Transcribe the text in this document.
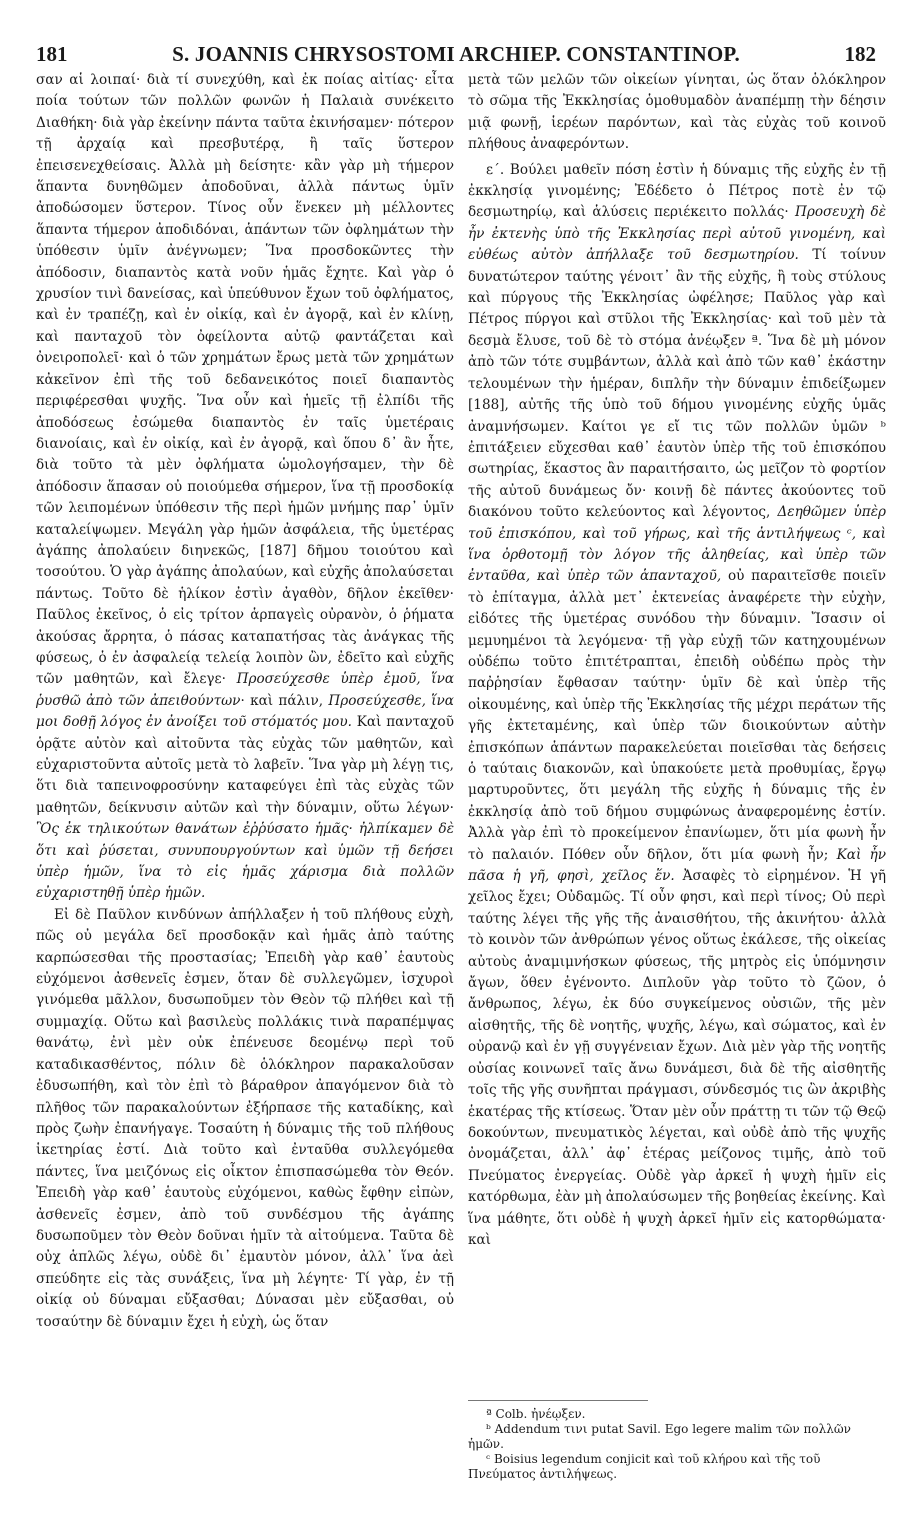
181	S. JOANNIS CHRYSOSTOMI ARCHIEP. CONSTANTINOP.	182

σαν αἱ λοιπαί· διὰ τί συνεχύθη, καὶ ἐκ ποίας αἰτίας· εἶτα ποία τούτων τῶν πολλῶν φωνῶν ἡ Παλαιὰ συνέκειτο Διαθήκη· διὰ γὰρ ἐκείνην πάντα ταῦτα ἐκινήσαμεν· πότερον τῇ ἀρχαίᾳ καὶ πρεσβυτέρᾳ, ἢ ταῖς ὕστερον ἐπεισενεχθείσαις. Ἀλλὰ μὴ δείσητε· κἂν γὰρ μὴ τήμερον ἅπαντα δυνηθῶμεν ἀποδοῦναι, ἀλλὰ πάντως ὑμῖν ἀποδώσομεν ὕστερον. Τίνος οὖν ἕνεκεν μὴ μέλλοντες ἅπαντα τήμερον ἀποδιδόναι, ἁπάντων τῶν ὀφλημάτων τὴν ὑπόθεσιν ὑμῖν ἀνέγνωμεν; Ἵνα προσδοκῶντες τὴν ἀπόδοσιν, διαπαντὸς κατὰ νοῦν ἡμᾶς ἔχητε. Καὶ γὰρ ὁ χρυσίον τινὶ δανείσας, καὶ ὑπεύθυνον ἔχων τοῦ ὀφλήματος, καὶ ἐν τραπέζῃ, καὶ ἐν οἰκίᾳ, καὶ ἐν ἀγορᾷ, καὶ ἐν κλίνῃ, καὶ πανταχοῦ τὸν ὀφείλοντα αὐτῷ φαντάζεται καὶ ὀνειροπολεῖ· καὶ ὁ τῶν χρημάτων ἔρως μετὰ τῶν χρημάτων κἀκεῖνον ἐπὶ τῆς τοῦ δεδανεικότος ποιεῖ διαπαντὸς περιφέρεσθαι ψυχῆς. Ἵνα οὖν καὶ ἡμεῖς τῇ ἐλπίδι τῆς ἀποδόσεως ἐσώμεθα διαπαντὸς ἐν ταῖς ὑμετέραις διανοίαις, καὶ ἐν οἰκίᾳ, καὶ ἐν ἀγορᾷ, καὶ ὅπου δ᾽ ἂν ἦτε, διὰ τοῦτο τὰ μὲν ὀφλήματα ὡμολογήσαμεν, τὴν δὲ ἀπόδοσιν ἅπασαν οὐ ποιούμεθα σήμερον, ἵνα τῇ προσδοκίᾳ τῶν λειπομένων ὑπόθεσιν τῆς περὶ ἡμῶν μνήμης παρ᾽ ὑμῖν καταλείψωμεν. Μεγάλη γὰρ ἡμῶν ἀσφάλεια, τῆς ὑμετέρας ἀγάπης ἀπολαύειν διηνεκῶς, [187] δῆμου τοιούτου καὶ τοσούτου. Ὁ γὰρ ἀγάπης ἀπολαύων, καὶ εὐχῆς ἀπολαύσεται πάντως. Τοῦτο δὲ ἡλίκον ἐστὶν ἀγαθὸν, δῆλον ἐκεῖθεν· Παῦλος ἐκεῖνος, ὁ εἰς τρίτον ἁρπαγεὶς οὐρανὸν, ὁ ῥήματα ἀκούσας ἄρρητα, ὁ πάσας καταπατήσας τὰς ἀνάγκας τῆς φύσεως, ὁ ἐν ἀσφαλείᾳ τελείᾳ λοιπὸν ὢν, ἐδεῖτο καὶ εὐχῆς τῶν μαθητῶν, καὶ ἔλεγε· Προσεύχεσθε ὑπὲρ ἐμοῦ, ἵνα ῥυσθῶ ἀπὸ τῶν ἀπειθούντων· καὶ πάλιν, Προσεύχεσθε, ἵνα μοι δοθῇ λόγος ἐν ἀνοίξει τοῦ στόματός μου. Καὶ πανταχοῦ ὁρᾷτε αὐτὸν καὶ αἰτοῦντα τὰς εὐχὰς τῶν μαθητῶν, καὶ εὐχαριστοῦντα αὐτοῖς μετὰ τὸ λαβεῖν. Ἵνα γὰρ μὴ λέγῃ τις, ὅτι διὰ ταπεινοφροσύνην καταφεύγει ἐπὶ τὰς εὐχὰς τῶν μαθητῶν, δείκνυσιν αὐτῶν καὶ τὴν δύναμιν, οὕτω λέγων· Ὃς ἐκ τηλικούτων θανάτων ἐῤῥύσατο ἡμᾶς· ἠλπίκαμεν δὲ ὅτι καὶ ῥύσεται, συνυπουργούντων καὶ ὑμῶν τῇ δεήσει ὑπὲρ ἡμῶν, ἵνα τὸ εἰς ἡμᾶς χάρισμα διὰ πολλῶν εὐχαριστηθῇ ὑπὲρ ἡμῶν.

Εἰ δὲ Παῦλον κινδύνων ἀπήλλαξεν ἡ τοῦ πλήθους εὐχὴ, πῶς οὐ μεγάλα δεῖ προσδοκᾷν καὶ ἡμᾶς ἀπὸ ταύτης καρπώσεσθαι τῆς προστασίας; Ἐπειδὴ γὰρ καθ᾽ ἑαυτοὺς εὐχόμενοι ἀσθενεῖς ἐσμεν, ὅταν δὲ συλλεγῶμεν, ἰσχυροὶ γινόμεθα μᾶλλον, δυσωποῦμεν τὸν Θεὸν τῷ πλήθει καὶ τῇ συμμαχίᾳ. Οὕτω καὶ βασιλεὺς πολλάκις τινὰ παραπέμψας θανάτῳ, ἐνὶ μὲν οὐκ ἐπένευσε δεομένῳ περὶ τοῦ καταδικασθέντος, πόλιν δὲ ὁλόκληρον παρακαλοῦσαν ἐδυσωπήθη, καὶ τὸν ἐπὶ τὸ βάραθρον ἀπαγόμενον διὰ τὸ πλῆθος τῶν παρακαλούντων ἐξήρπασε τῆς καταδίκης, καὶ πρὸς ζωὴν ἐπανήγαγε. Τοσαύτη ἡ δύναμις τῆς τοῦ πλήθους ἱκετηρίας ἐστί. Διὰ τοῦτο καὶ ἐνταῦθα συλλεγόμεθα πάντες, ἵνα μειζόνως εἰς οἶκτον ἐπισπασώμεθα τὸν Θεόν. Ἐπειδὴ γὰρ καθ᾽ ἑαυτοὺς εὐχόμενοι, καθὼς ἔφθην εἰπὼν, ἀσθενεῖς ἐσμεν, ἀπὸ τοῦ συνδέσμου τῆς ἀγάπης δυσωποῦμεν τὸν Θεὸν δοῦναι ἡμῖν τὰ αἰτούμενα. Ταῦτα δὲ οὐχ ἁπλῶς λέγω, οὐδὲ δι᾽ ἐμαυτὸν μόνον, ἀλλ᾽ ἵνα ἀεὶ σπεύδητε εἰς τὰς συνάξεις, ἵνα μὴ λέγητε· Τί γὰρ, ἐν τῇ οἰκίᾳ οὐ δύναμαι εὔξασθαι; Δύνασαι μὲν εὔξασθαι, οὐ τοσαύτην δὲ δύναμιν ἔχει ἡ εὐχὴ, ὡς ὅταν

μετὰ τῶν μελῶν τῶν οἰκείων γίνηται, ὡς ὅταν ὁλόκληρον τὸ σῶμα τῆς Ἐκκλησίας ὁμοθυμαδὸν ἀναπέμπῃ τὴν δέησιν μιᾷ φωνῇ, ἱερέων παρόντων, καὶ τὰς εὐχὰς τοῦ κοινοῦ πλήθους ἀναφερόντων.

ε΄. Βούλει μαθεῖν πόση ἐστὶν ἡ δύναμις τῆς εὐχῆς ἐν τῇ ἐκκλησίᾳ γινομένης; Ἐδέδετο ὁ Πέτρος ποτὲ ἐν τῷ δεσμωτηρίῳ, καὶ ἁλύσεις περιέκειτο πολλάς· Προσευχὴ δὲ ἦν ἐκτενὴς ὑπὸ τῆς Ἐκκλησίας περὶ αὐτοῦ γινομένη, καὶ εὐθέως αὐτὸν ἀπήλλαξε τοῦ δεσμωτηρίου. Τί τοίνυν δυνατώτερον ταύτης γένοιτ᾽ ἂν τῆς εὐχῆς, ἢ τοὺς στύλους καὶ πύργους τῆς Ἐκκλησίας ὠφέλησε; Παῦλος γὰρ καὶ Πέτρος πύργοι καὶ στῦλοι τῆς Ἐκκλησίας· καὶ τοῦ μὲν τὰ δεσμὰ ἔλυσε, τοῦ δὲ τὸ στόμα ἀνέῳξεν ª. Ἵνα δὲ μὴ μόνον ἀπὸ τῶν τότε συμβάντων, ἀλλὰ καὶ ἀπὸ τῶν καθ᾽ ἑκάστην τελουμένων τὴν ἡμέραν, διπλῆν τὴν δύναμιν ἐπιδείξωμεν [188], αὐτῆς τῆς ὑπὸ τοῦ δήμου γινομένης εὐχῆς ὑμᾶς ἀναμνήσωμεν. Καίτοι γε εἴ τις τῶν πολλῶν ὑμῶν ᵇ ἐπιτάξειεν εὔχεσθαι καθ᾽ ἑαυτὸν ὑπὲρ τῆς τοῦ ἐπισκόπου σωτηρίας, ἕκαστος ἂν παραιτήσαιτο, ὡς μεῖζον τὸ φορτίον τῆς αὐτοῦ δυνάμεως ὄν· κοινῇ δὲ πάντες ἀκούοντες τοῦ διακόνου τοῦτο κελεύοντος καὶ λέγοντος, Δεηθῶμεν ὑπὲρ τοῦ ἐπισκόπου, καὶ τοῦ γήρως, καὶ τῆς ἀντιλήψεως ᶜ, καὶ ἵνα ὀρθοτομῇ τὸν λόγον τῆς ἀληθείας, καὶ ὑπὲρ τῶν ἐνταῦθα, καὶ ὑπὲρ τῶν ἁπανταχοῦ, οὐ παραιτεῖσθε ποιεῖν τὸ ἐπίταγμα, ἀλλὰ μετ᾽ ἐκτενείας ἀναφέρετε τὴν εὐχὴν, εἰδότες τῆς ὑμετέρας συνόδου τὴν δύναμιν. Ἴσασιν οἱ μεμυημένοι τὰ λεγόμενα· τῇ γὰρ εὐχῇ τῶν κατηχουμένων οὐδέπω τοῦτο ἐπιτέτραπται, ἐπειδὴ οὐδέπω πρὸς τὴν παῤῥησίαν ἔφθασαν ταύτην· ὑμῖν δὲ καὶ ὑπὲρ τῆς οἰκουμένης, καὶ ὑπὲρ τῆς Ἐκκλησίας τῆς μέχρι περάτων τῆς γῆς ἐκτεταμένης, καὶ ὑπὲρ τῶν διοικούντων αὐτὴν ἐπισκόπων ἁπάντων παρακελεύεται ποιεῖσθαι τὰς δεήσεις ὁ ταύταις διακονῶν, καὶ ὑπακούετε μετὰ προθυμίας, ἔργῳ μαρτυροῦντες, ὅτι μεγάλη τῆς εὐχῆς ἡ δύναμις τῆς ἐν ἐκκλησίᾳ ἀπὸ τοῦ δήμου συμφώνως ἀναφερομένης ἐστίν. Ἀλλὰ γὰρ ἐπὶ τὸ προκείμενον ἐπανίωμεν, ὅτι μία φωνὴ ἦν τὸ παλαιόν. Πόθεν οὖν δῆλον, ὅτι μία φωνὴ ἦν; Καὶ ἦν πᾶσα ἡ γῆ, φησὶ, χεῖλος ἕν. Ἀσαφὲς τὸ εἰρημένον. Ἡ γῆ χεῖλος ἔχει; Οὐδαμῶς. Τί οὖν φησι, καὶ περὶ τίνος; Οὐ περὶ ταύτης λέγει τῆς γῆς τῆς ἀναισθήτου, τῆς ἀκινήτου· ἀλλὰ τὸ κοινὸν τῶν ἀνθρώπων γένος οὕτως ἐκάλεσε, τῆς οἰκείας αὐτοὺς ἀναμιμνήσκων φύσεως, τῆς μητρὸς εἰς ὑπόμνησιν ἄγων, ὅθεν ἐγένοντο. Διπλοῦν γὰρ τοῦτο τὸ ζῶον, ὁ ἄνθρωπος, λέγω, ἐκ δύο συγκείμενος οὐσιῶν, τῆς μὲν αἰσθητῆς, τῆς δὲ νοητῆς, ψυχῆς, λέγω, καὶ σώματος, καὶ ἐν οὐρανῷ καὶ ἐν γῇ συγγένειαν ἔχων. Διὰ μὲν γὰρ τῆς νοητῆς οὐσίας κοινωνεῖ ταῖς ἄνω δυνάμεσι, διὰ δὲ τῆς αἰσθητῆς τοῖς τῆς γῆς συνῆπται πράγμασι, σύνδεσμός τις ὢν ἀκριβὴς ἑκατέρας τῆς κτίσεως. Ὅταν μὲν οὖν πράττῃ τι τῶν τῷ Θεῷ δοκούντων, πνευματικὸς λέγεται, καὶ οὐδὲ ἀπὸ τῆς ψυχῆς ὀνομάζεται, ἀλλ᾽ ἀφ᾽ ἑτέρας μείζονος τιμῆς, ἀπὸ τοῦ Πνεύματος ἐνεργείας. Οὐδὲ γὰρ ἀρκεῖ ἡ ψυχὴ ἡμῖν εἰς κατόρθωμα, ἐὰν μὴ ἀπολαύσωμεν τῆς βοηθείας ἐκείνης. Καὶ ἵνα μάθητε, ὅτι οὐδὲ ἡ ψυχὴ ἀρκεῖ ἡμῖν εἰς κατορθώματα· καὶ

ª Colb. ἠνέῳξεν.

ᵇ Addendum τινι putat Savil. Ego legere malim τῶν πολλῶν ἡμῶν.

ᶜ Boisius legendum conjicit καὶ τοῦ κλήρου καὶ τῆς τοῦ Πνεύματος ἀντιλήψεως.
